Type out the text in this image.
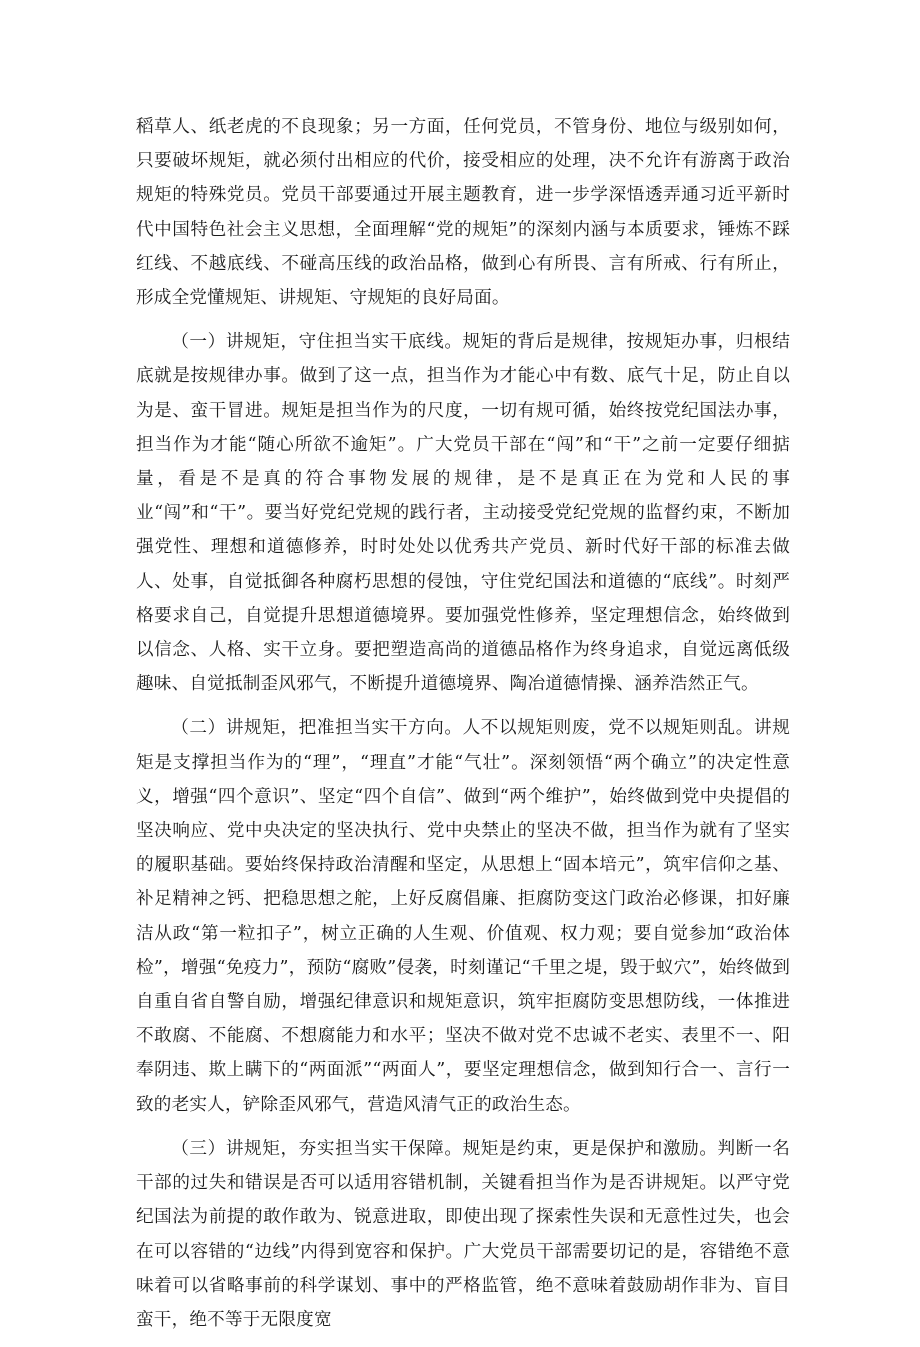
稻草人、纸老虎的不良现象；另一方面，任何党员，不管身份、地位与级别如何，只要破坏规矩，就必须付出相应的代价，接受相应的处理，决不允许有游离于政治规矩的特殊党员。党员干部要通过开展主题教育，进一步学深悟透弄通习近平新时代中国特色社会主义思想，全面理解“党的规矩”的深刻内涵与本质要求，锤炼不踩红线、不越底线、不碰高压线的政治品格，做到心有所畏、言有所戒、行有所止，形成全党懂规矩、讲规矩、守规矩的良好局面。

（一）讲规矩，守住担当实干底线。规矩的背后是规律，按规矩办事，归根结底就是按规律办事。做到了这一点，担当作为才能心中有数、底气十足，防止自以为是、蛮干冒进。规矩是担当作为的尺度，一切有规可循，始终按党纪国法办事，担当作为才能“随心所欲不逾矩”。广大党员干部在“闯”和“干”之前一定要仔细掂量，看是不是真的符合事物发展的规律，是不是真正在为党和人民的事业“闯”和“干”。要当好党纪党规的践行者，主动接受党纪党规的监督约束，不断加强党性、理想和道德修养，时时处处以优秀共产党员、新时代好干部的标准去做人、处事，自觉抵御各种腐朽思想的侵蚀，守住党纪国法和道德的“底线”。时刻严格要求自己，自觉提升思想道德境界。要加强党性修养，坚定理想信念，始终做到以信念、人格、实干立身。要把塑造高尚的道德品格作为终身追求，自觉远离低级趣味、自觉抵制歪风邪气，不断提升道德境界、陶冶道德情操、涵养浩然正气。

（二）讲规矩，把准担当实干方向。人不以规矩则废，党不以规矩则乱。讲规矩是支撑担当作为的“理”，“理直”才能“气壮”。深刻领悟“两个确立”的决定性意义，增强“四个意识”、坚定“四个自信”、做到“两个维护”，始终做到党中央提倡的坚决响应、党中央决定的坚决执行、党中央禁止的坚决不做，担当作为就有了坚实的履职基础。要始终保持政治清醒和坚定，从思想上“固本培元”，筑牢信仰之基、补足精神之钙、把稳思想之舵，上好反腐倡廉、拒腐防变这门政治必修课，扣好廉洁从政“第一粒扣子”，树立正确的人生观、价值观、权力观；要自觉参加“政治体检”，增强“免疫力”，预防“腐败”侵袭，时刻谨记“千里之堤，毁于蚁穴”，始终做到自重自省自警自励，增强纪律意识和规矩意识，筑牢拒腐防变思想防线，一体推进不敢腐、不能腐、不想腐能力和水平；坚决不做对党不忠诚不老实、表里不一、阳奉阴违、欺上瞒下的“两面派”“两面人”，要坚定理想信念，做到知行合一、言行一致的老实人，铲除歪风邪气，营造风清气正的政治生态。

（三）讲规矩，夯实担当实干保障。规矩是约束，更是保护和激励。判断一名干部的过失和错误是否可以适用容错机制，关键看担当作为是否讲规矩。以严守党纪国法为前提的敢作敢为、锐意进取，即使出现了探索性失误和无意性过失，也会在可以容错的“边线”内得到宽容和保护。广大党员干部需要切记的是，容错绝不意味着可以省略事前的科学谋划、事中的严格监管，绝不意味着鼓励胡作非为、盲目蛮干，绝不等于无限度宽
